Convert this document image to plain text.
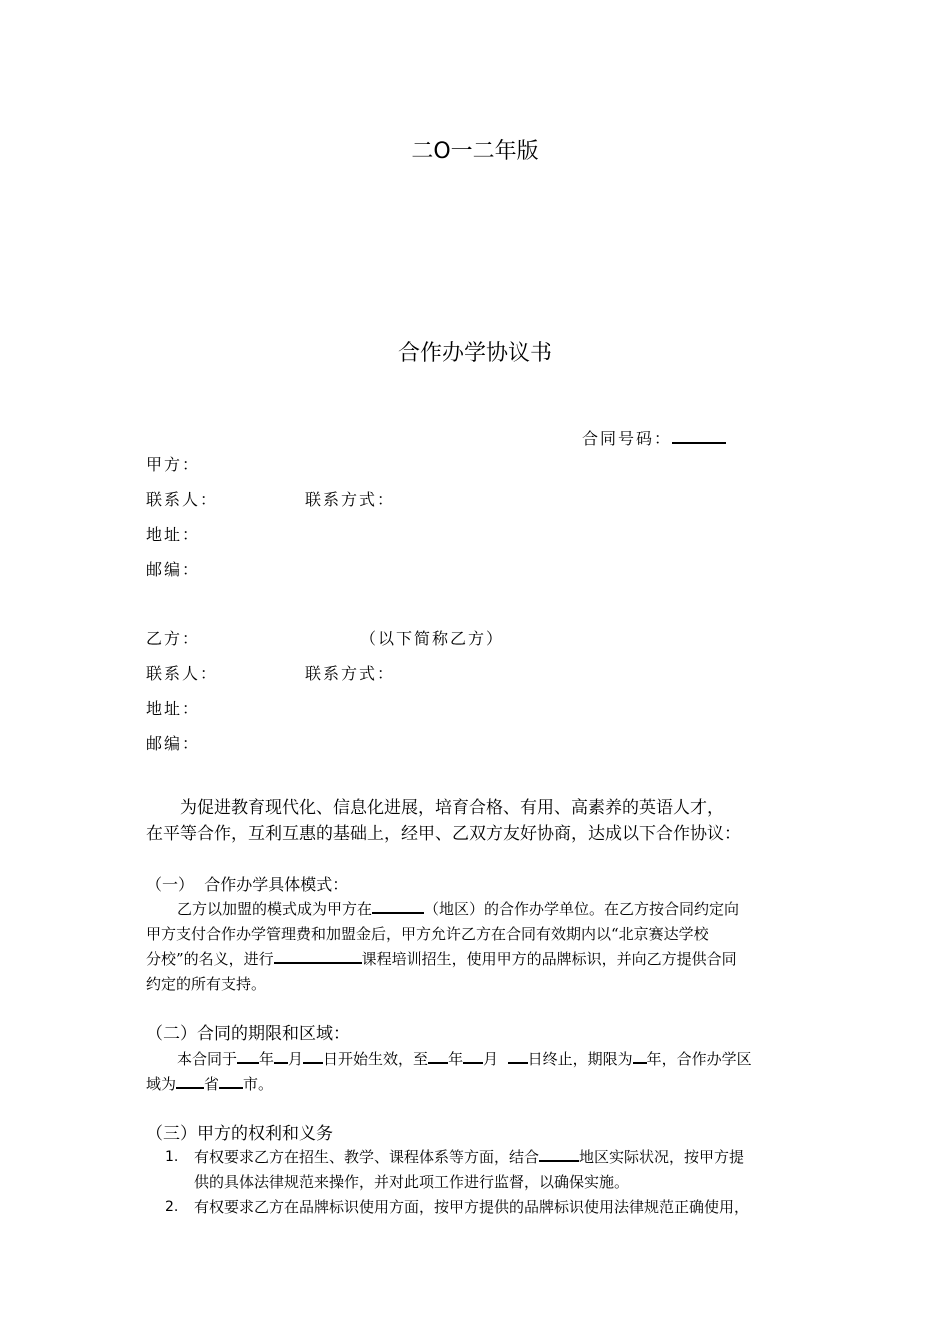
二O一二年版
合作办学协议书
合同号码：
甲方：
联系人：	联系方式：
地址：
邮编：
乙方：	（以下简称乙方）
联系人：	联系方式：
地址：
邮编：
为促进教育现代化、信息化进展，培育合格、有用、高素养的英语人才，
在平等合作，互利互惠的基础上，经甲、乙双方友好协商，达成以下合作协议：
（一） 合作办学具体模式：
乙方以加盟的模式成为甲方在	（地区）的合作办学单位。在乙方按合同约定向
甲方支付合作办学管理费和加盟金后，甲方允许乙方在合同有效期内以“北京赛达学校
分校”的名义，进行	课程培训招生，使用甲方的品牌标识，并向乙方提供合同
约定的所有支持。
（二）合同的期限和区域：
本合同于 年 月 日开始生效，至 年 月 日终止，期限为 年，合作办学区
域为 省 市。
（三）甲方的权利和义务
1. 有权要求乙方在招生、教学、课程体系等方面，结合	地区实际状况，按甲方提
供的具体法律规范来操作，并对此项工作进行监督，以确保实施。
2. 有权要求乙方在品牌标识使用方面，按甲方提供的品牌标识使用法律规范正确使用，
